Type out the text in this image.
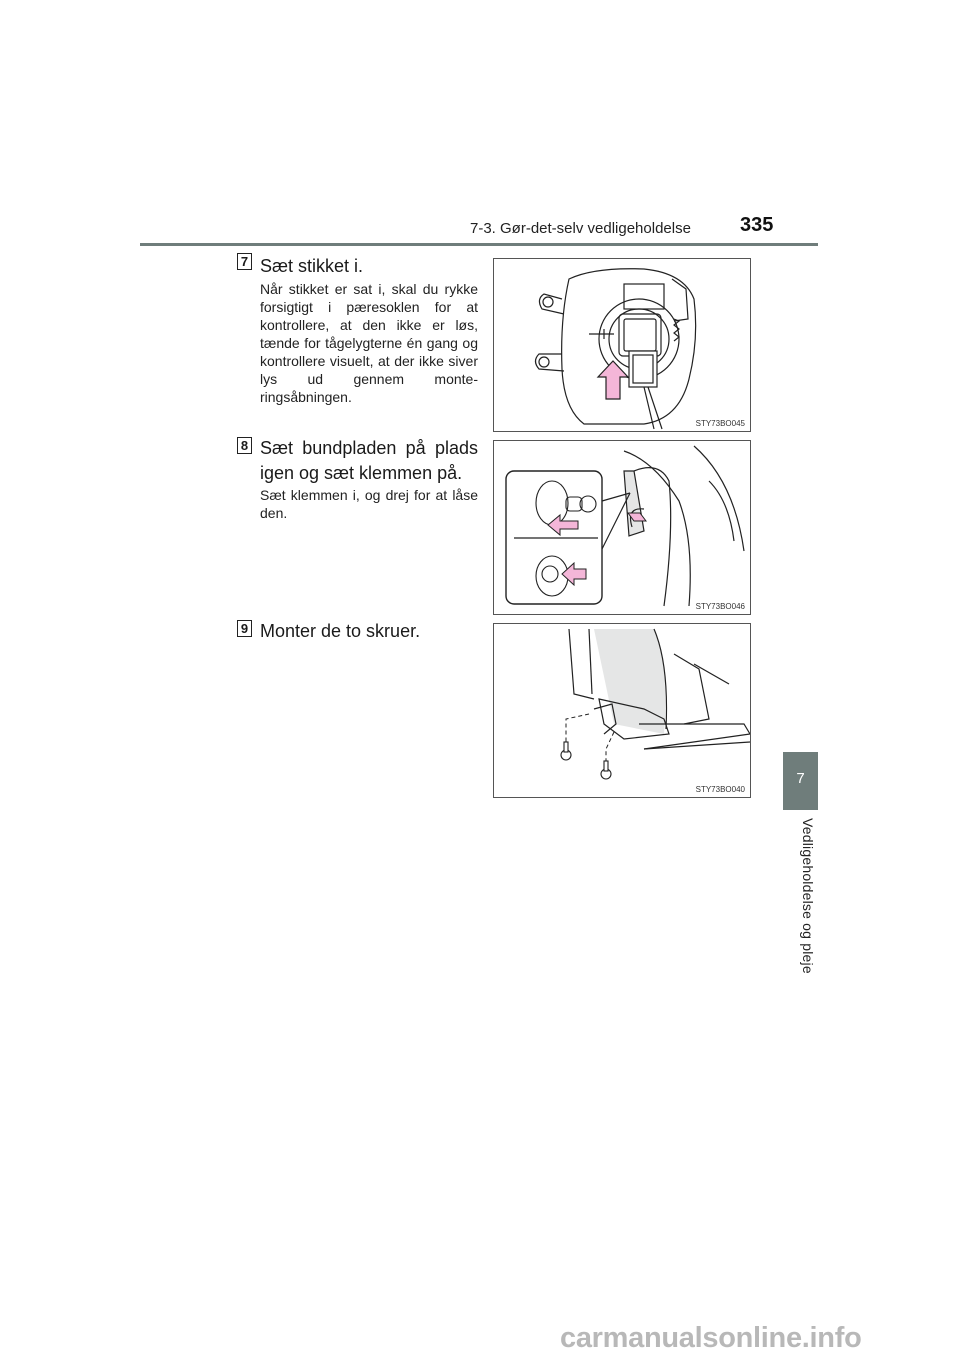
7-3. Gør-det-selv vedligeholdelse 335
7
Vedligeholdelse og pleje
7 Sæt stikket i.
Når stikket er sat i, skal du rykke forsigtigt i pæresoklen for at kontrollere, at den ikke er løs, tænde for tågelygterne én gang og kontrollere visuelt, at der ikke siver lys ud gennem monte-ringsåbningen.
STY73BO045
8 Sæt bundpladen på plads igen og sæt klemmen på.
Sæt klemmen i, og drej for at låse den.
STY73BO046
9 Monter de to skruer.
STY73BO040
carmanualsonline.info
